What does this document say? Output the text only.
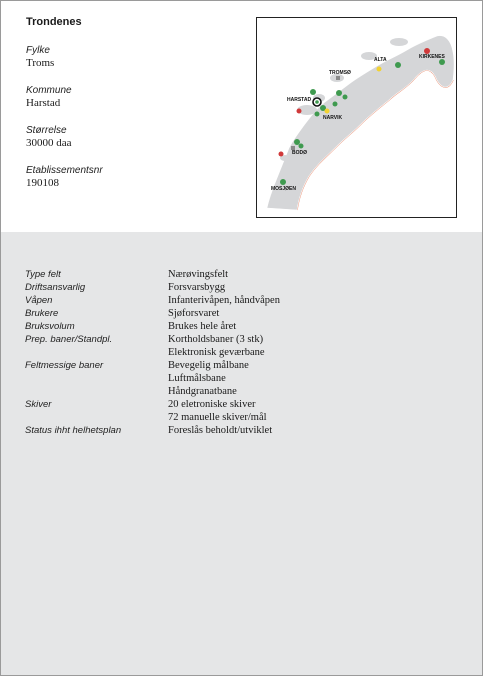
Trondenes
Fylke
Troms
Kommune
Harstad
Størrelse
30000 daa
Etablissementsnr
190108
KIRKENES
ALTA
TROMSØ
HARSTAD
NARVIK
BODØ
MOSJØEN
Type felt	Nærøvingsfelt
Driftsansvarlig	Forsvarsbygg
Våpen	Infanterivåpen, håndvåpen
Brukere	Sjøforsvaret
Bruksvolum	Brukes hele året
Prep. baner/Standpl.	Kortholdsbaner (3 stk)
Elektronisk geværbane
Feltmessige baner	Bevegelig målbane
Luftmålsbane
Håndgranatbane
Skiver	20 eletroniske skiver
72 manuelle skiver/mål
Status ihht helhetsplan	Foreslås beholdt/utviklet
